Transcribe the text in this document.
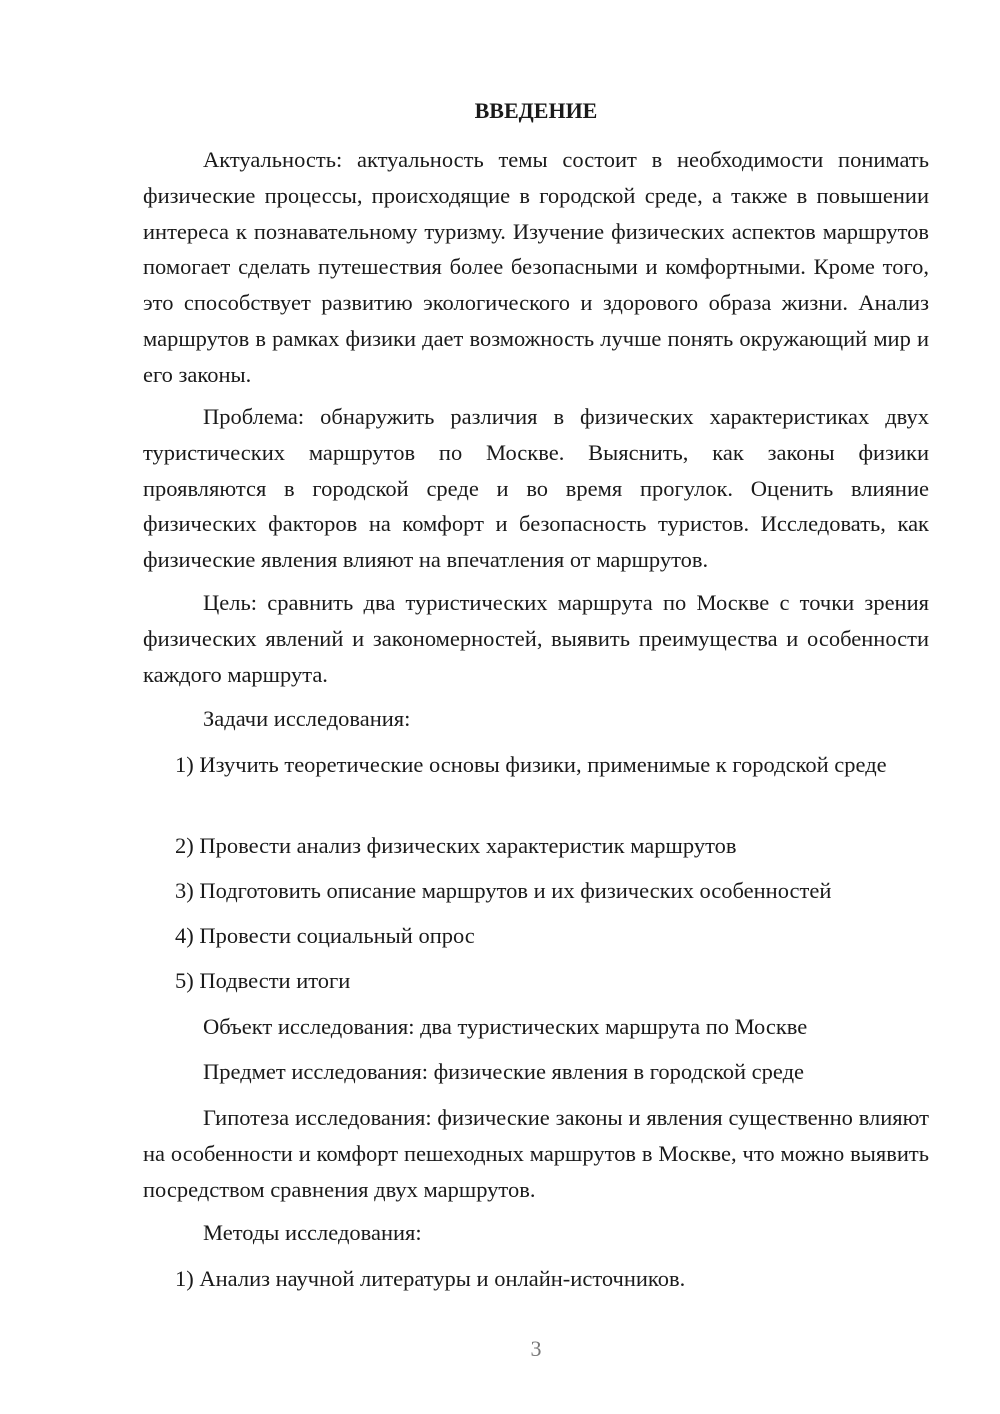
ВВЕДЕНИЕ

Актуальность: актуальность темы состоит в необходимости понимать физические процессы, происходящие в городской среде, а также в повышении интереса к познавательному туризму. Изучение физических аспектов маршрутов помогает сделать путешествия более безопасными и комфортными. Кроме того, это способствует развитию экологического и здорового образа жизни. Анализ маршрутов в рамках физики дает возможность лучше понять окружающий мир и его законы.

Проблема: обнаружить различия в физических характеристиках двух туристических маршрутов по Москве. Выяснить, как законы физики проявляются в городской среде и во время прогулок. Оценить влияние физических факторов на комфорт и безопасность туристов. Исследовать, как физические явления влияют на впечатления от маршрутов.

Цель: сравнить два туристических маршрута по Москве с точки зрения физических явлений и закономерностей, выявить преимущества и особенности каждого маршрута.

Задачи исследования:

1) Изучить теоретические основы физики, применимые к городской среде

2) Провести анализ физических характеристик маршрутов

3) Подготовить описание маршрутов и их физических особенностей

4) Провести социальный опрос

5) Подвести итоги

Объект исследования: два туристических маршрута по Москве

Предмет исследования: физические явления в городской среде

Гипотеза исследования: физические законы и явления существенно влияют на особенности и комфорт пешеходных маршрутов в Москве, что можно выявить посредством сравнения двух маршрутов.

Методы исследования:

1) Анализ научной литературы и онлайн-источников.

3
